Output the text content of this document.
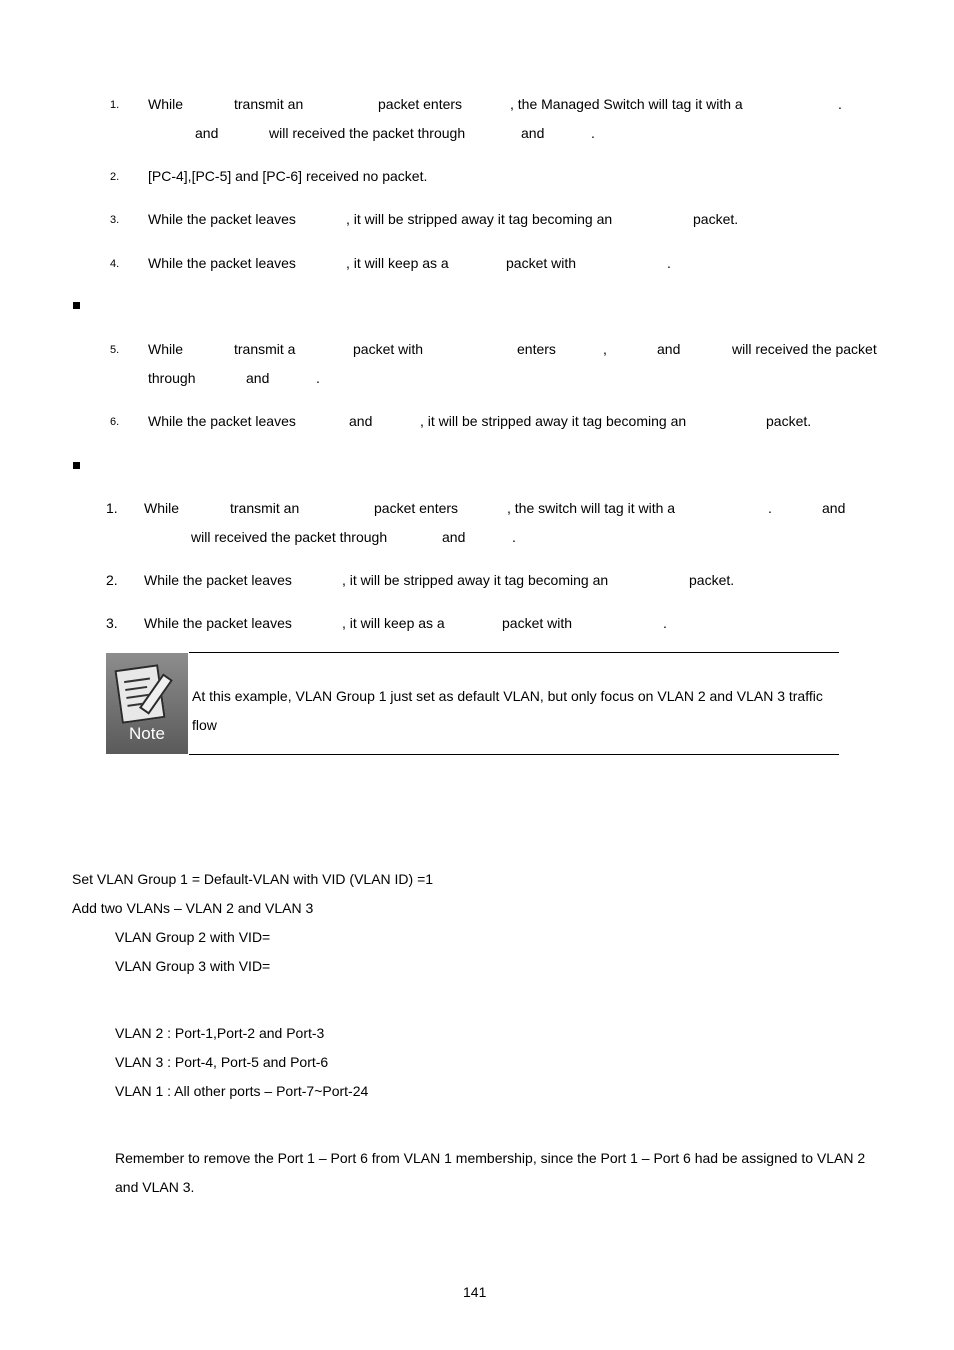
1. While	transmit an	packet enters	, the Managed Switch will tag it with a	.
and	will received the packet through	and	.
2. [PC-4],[PC-5] and [PC-6] received no packet.
3. While the packet leaves	, it will be stripped away it tag becoming an	packet.
4. While the packet leaves	, it will keep as a	packet with	.
5. While	transmit a	packet with	enters	,	and	will received the packet
through	and	.
6. While the packet leaves	and	, it will be stripped away it tag becoming an	packet.
1. While	transmit an	packet enters	, the switch will tag it with a	.	and
will received the packet through	and	.
2. While the packet leaves	, it will be stripped away it tag becoming an	packet.
3. While the packet leaves	, it will keep as a	packet with	.
Note
At this example, VLAN Group 1 just set as default VLAN, but only focus on VLAN 2 and VLAN 3 traffic
flow
Set VLAN Group 1 = Default-VLAN with VID (VLAN ID) =1
Add two VLANs – VLAN 2 and VLAN 3
VLAN Group 2 with VID=
VLAN Group 3 with VID=
VLAN 2 : Port-1,Port-2 and Port-3
VLAN 3 : Port-4, Port-5 and Port-6
VLAN 1 : All other ports – Port-7~Port-24
Remember to remove the Port 1 – Port 6 from VLAN 1 membership, since the Port 1 – Port 6 had be assigned to VLAN 2
and VLAN 3.
141
